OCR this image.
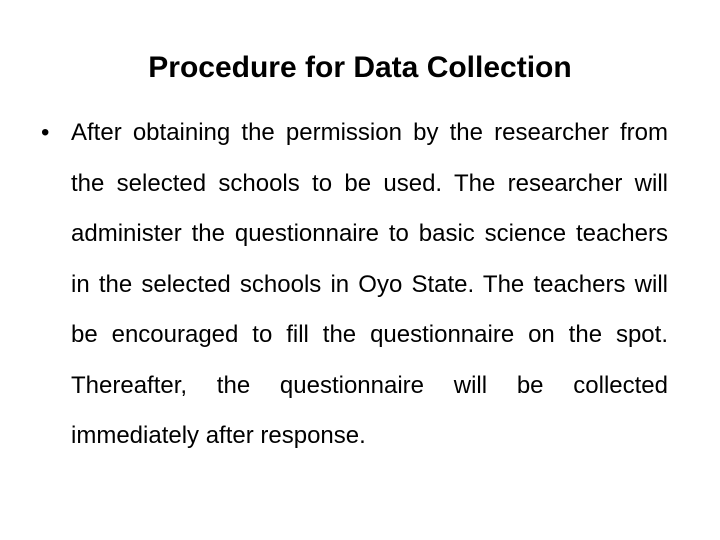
Procedure for Data Collection
• After obtaining the permission by the researcher from the selected schools to be used. The researcher will administer the questionnaire to basic science teachers in the selected schools in Oyo State. The teachers will be encouraged to fill the questionnaire on the spot. Thereafter, the questionnaire will be collected immediately after response.
